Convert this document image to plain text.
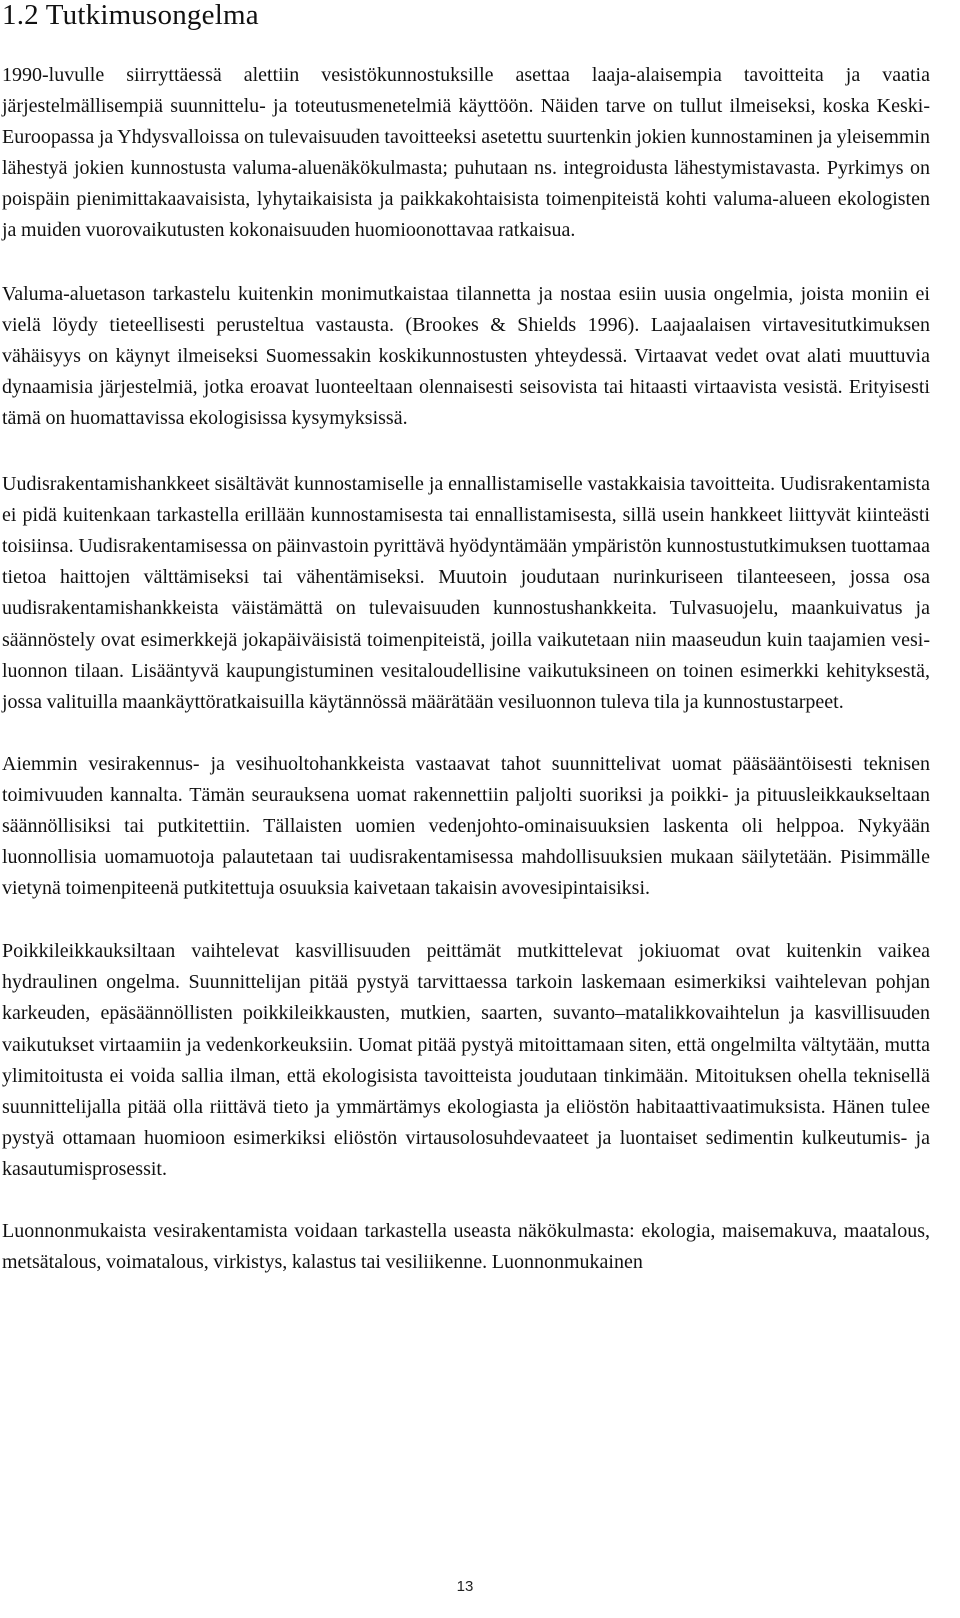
1.2 Tutkimusongelma

1990-luvulle siirryttäessä alettiin vesistökunnostuksille asettaa laaja-alaisempia tavoitteita ja vaatia järjestelmällisempiä suunnittelu- ja toteutusmenetelmiä käyttöön. Näiden tarve on tullut ilmeiseksi, koska Keski-Euroopassa ja Yhdysvalloissa on tulevaisuuden tavoitteeksi asetettu suurtenkin jokien kunnostaminen ja yleisemmin lähestyä jokien kunnostusta valuma-aluenäkökulmasta; puhutaan ns. integroidusta lähestymistavasta. Pyrkimys on poispäin pienimittakaavaisista, lyhytaikaisista ja paikkakohtaisista toimenpiteistä kohti valuma-alueen ekologisten ja muiden vuorovaikutusten kokonaisuuden huomioonottavaa ratkaisua.

Valuma-aluetason tarkastelu kuitenkin monimutkaistaa tilannetta ja nostaa esiin uusia ongelmia, joista moniin ei vielä löydy tieteellisesti perusteltua vastausta. (Brookes & Shields 1996). Laajaalaisen virtavesitutkimuksen vähäisyys on käynyt ilmeiseksi Suomessakin koskikunnostusten yhteydessä. Virtaavat vedet ovat alati muuttuvia dynaamisia järjestelmiä, jotka eroavat luonteeltaan olennaisesti seisovista tai hitaasti virtaavista vesistä. Erityisesti tämä on huomattavissa ekologisissa kysymyksissä.

Uudisrakentamishankkeet sisältävät kunnostamiselle ja ennallistamiselle vastakkaisia tavoitteita. Uudisrakentamista ei pidä kuitenkaan tarkastella erillään kunnostamisesta tai ennallistamisesta, sillä usein hankkeet liittyvät kiinteästi toisiinsa. Uudisrakentamisessa on päinvastoin pyrittävä hyödyntämään ympäristön kunnostustutkimuksen tuottamaa tietoa haittojen välttämiseksi tai vähentämiseksi. Muutoin joudutaan nurinkuriseen tilanteeseen, jossa osa uudisrakentamishankkeista väistämättä on tulevaisuuden kunnostushankkeita. Tulvasuojelu, maankuivatus ja säännöstely ovat esimerkkejä jokapäiväisistä toimenpiteistä, joilla vaikutetaan niin maaseudun kuin taajamien vesiluonnon tilaan. Lisääntyvä kaupungistuminen vesitaloudellisine vaikutuksineen on toinen esimerkki kehityksestä, jossa valituilla maankäyttöratkaisuilla käytännössä määrätään vesiluonnon tuleva tila ja kunnostustarpeet.

Aiemmin vesirakennus- ja vesihuoltohankkeista vastaavat tahot suunnittelivat uomat pääsääntöisesti teknisen toimivuuden kannalta. Tämän seurauksena uomat rakennettiin paljolti suoriksi ja poikki- ja pituusleikkaukseltaan säännöllisiksi tai putkitettiin. Tällaisten uomien vedenjohto-ominaisuuksien laskenta oli helppoa. Nykyään luonnollisia uomamuotoja palautetaan tai uudisrakentamisessa mahdollisuuksien mukaan säilytetään. Pisimmälle vietynä toimenpiteenä putkitettuja osuuksia kaivetaan takaisin avovesipintaisiksi.

Poikkileikkauksiltaan vaihtelevat kasvillisuuden peittämät mutkittelevat jokiuomat ovat kuitenkin vaikea hydraulinen ongelma. Suunnittelijan pitää pystyä tarvittaessa tarkoin laskemaan esimerkiksi vaihtelevan pohjan karkeuden, epäsäännöllisten poikkileikkausten, mutkien, saarten, suvanto–matalikkovaihtelun ja kasvillisuuden vaikutukset virtaamiin ja vedenkorkeuksiin. Uomat pitää pystyä mitoittamaan siten, että ongelmilta vältytään, mutta ylimitoitusta ei voida sallia ilman, että ekologisista tavoitteista joudutaan tinkimään. Mitoituksen ohella teknisellä suunnittelijalla pitää olla riittävä tieto ja ymmärtämys ekologiasta ja eliöstön habitaattivaatimuksista. Hänen tulee pystyä ottamaan huomioon esimerkiksi eliöstön virtausolosuhdevaateet ja luontaiset sedimentin kulkeutumis- ja kasautumisprosessit.

Luonnonmukaista vesirakentamista voidaan tarkastella useasta näkökulmasta: ekologia, maisemakuva, maatalous, metsätalous, voimatalous, virkistys, kalastus tai vesiliikenne. Luonnonmukainen

13
